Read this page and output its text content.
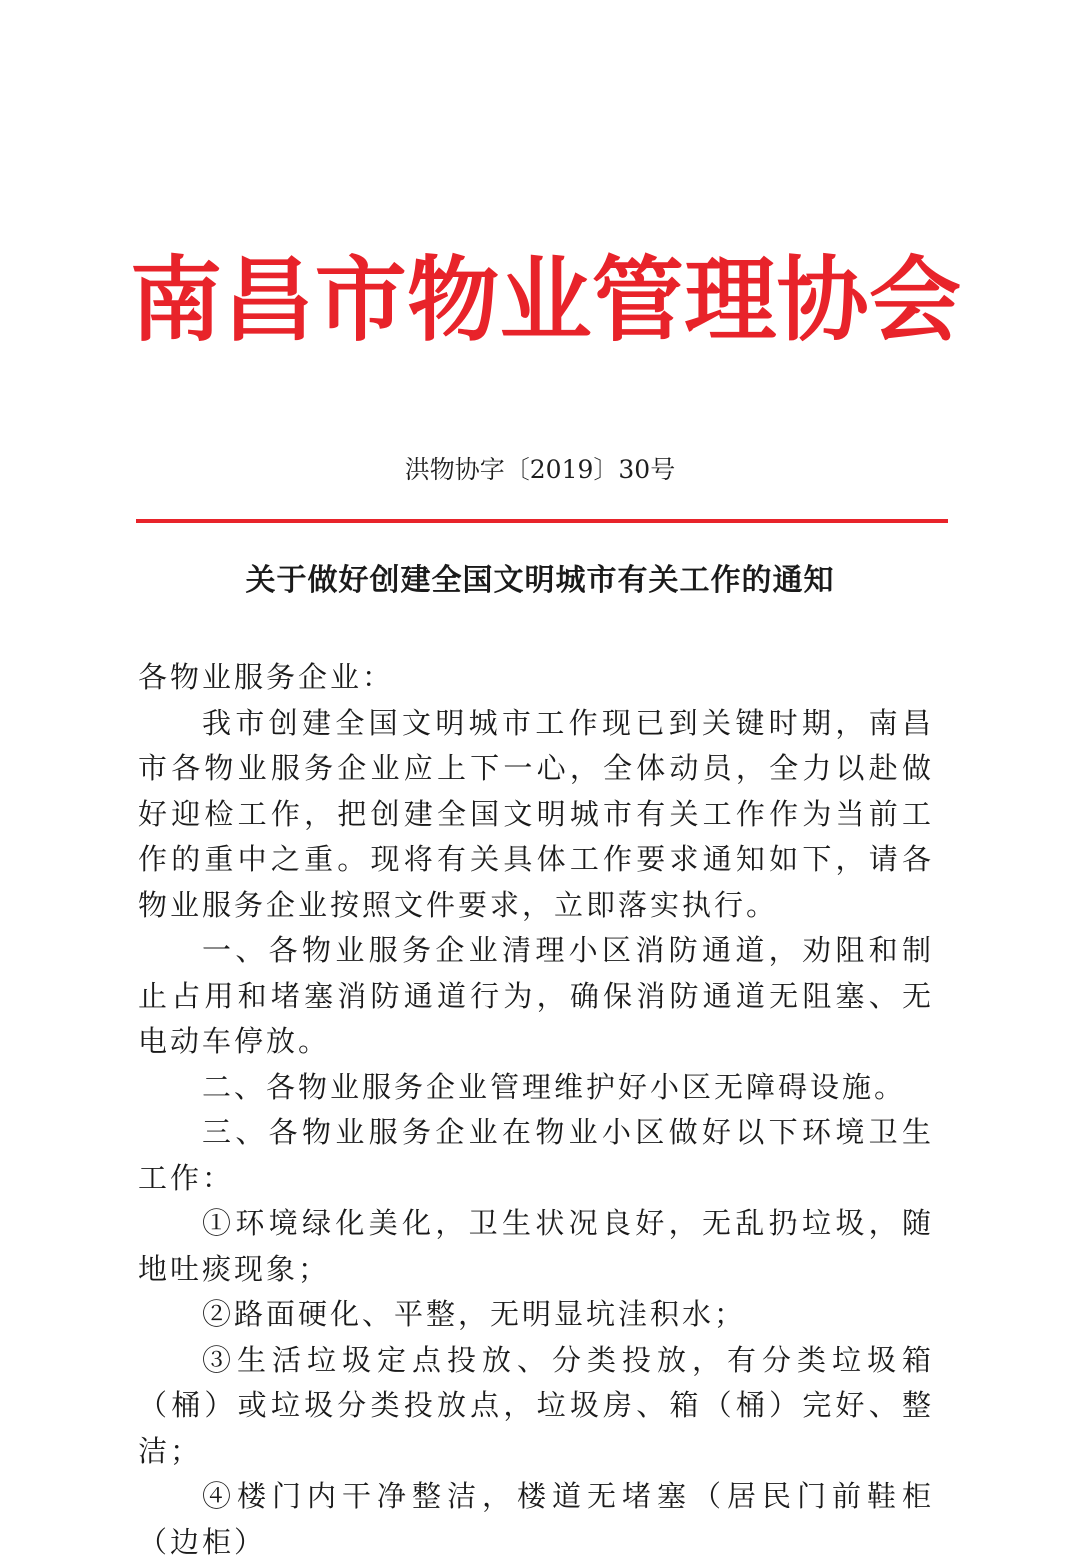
南昌市物业管理协会

洪物协字〔2019〕30号

关于做好创建全国文明城市有关工作的通知

各物业服务企业：

我市创建全国文明城市工作现已到关键时期，南昌市各物业服务企业应上下一心，全体动员，全力以赴做好迎检工作，把创建全国文明城市有关工作作为当前工作的重中之重。现将有关具体工作要求通知如下，请各物业服务企业按照文件要求，立即落实执行。

一、各物业服务企业清理小区消防通道，劝阻和制止占用和堵塞消防通道行为，确保消防通道无阻塞、无电动车停放。

二、各物业服务企业管理维护好小区无障碍设施。

三、各物业服务企业在物业小区做好以下环境卫生工作：

①环境绿化美化，卫生状况良好，无乱扔垃圾，随地吐痰现象；

②路面硬化、平整，无明显坑洼积水；

③生活垃圾定点投放、分类投放，有分类垃圾箱（桶）或垃圾分类投放点，垃圾房、箱（桶）完好、整洁；

④楼门内干净整洁，楼道无堵塞（居民门前鞋柜（边柜）
